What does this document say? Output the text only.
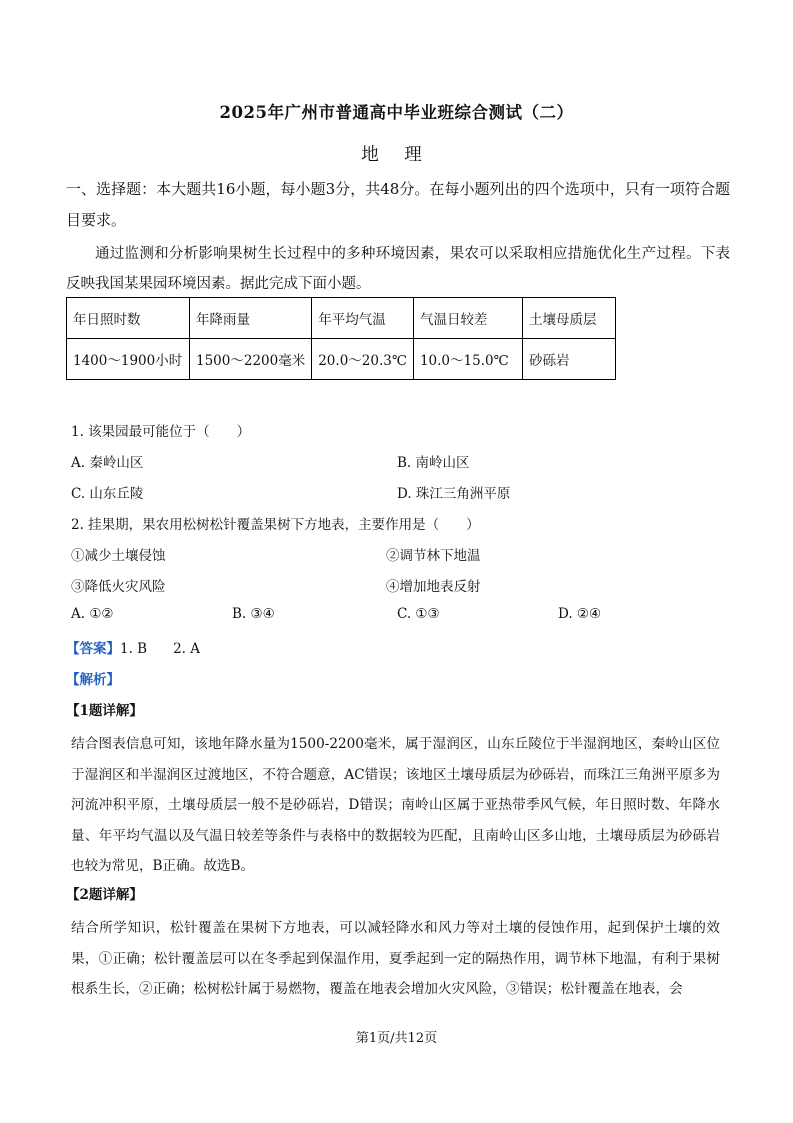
2025年广州市普通高中毕业班综合测试（二）
地 理
一、选择题：本大题共16小题，每小题3分，共48分。在每小题列出的四个选项中，只有一项符合题目要求。
通过监测和分析影响果树生长过程中的多种环境因素，果农可以采取相应措施优化生产过程。下表反映我国某果园环境因素。据此完成下面小题。
年日照时数	年降雨量	年平均气温	气温日较差	土壤母质层
1400～1900小时	1500～2200毫米	20.0～20.3℃	10.0～15.0℃	砂砾岩
1. 该果园最可能位于（　　）
A. 秦岭山区	B. 南岭山区
C. 山东丘陵	D. 珠江三角洲平原
2. 挂果期，果农用松树松针覆盖果树下方地表，主要作用是（　　）
①减少土壤侵蚀	②调节林下地温
③降低火灾风险	④增加地表反射
A. ①②	B. ③④	C. ①③	D. ②④
【答案】1. B 2. A
【解析】
【1题详解】
结合图表信息可知，该地年降水量为1500-2200毫米，属于湿润区，山东丘陵位于半湿润地区，秦岭山区位于湿润区和半湿润区过渡地区，不符合题意，AC错误；该地区土壤母质层为砂砾岩，而珠江三角洲平原多为河流冲积平原，土壤母质层一般不是砂砾岩，D错误；南岭山区属于亚热带季风气候，年日照时数、年降水量、年平均气温以及气温日较差等条件与表格中的数据较为匹配，且南岭山区多山地，土壤母质层为砂砾岩也较为常见，B正确。故选B。
【2题详解】
结合所学知识，松针覆盖在果树下方地表，可以减轻降水和风力等对土壤的侵蚀作用，起到保护土壤的效果，①正确；松针覆盖层可以在冬季起到保温作用，夏季起到一定的隔热作用，调节林下地温，有利于果树根系生长，②正确；松树松针属于易燃物，覆盖在地表会增加火灾风险，③错误；松针覆盖在地表，会
第1页/共12页
